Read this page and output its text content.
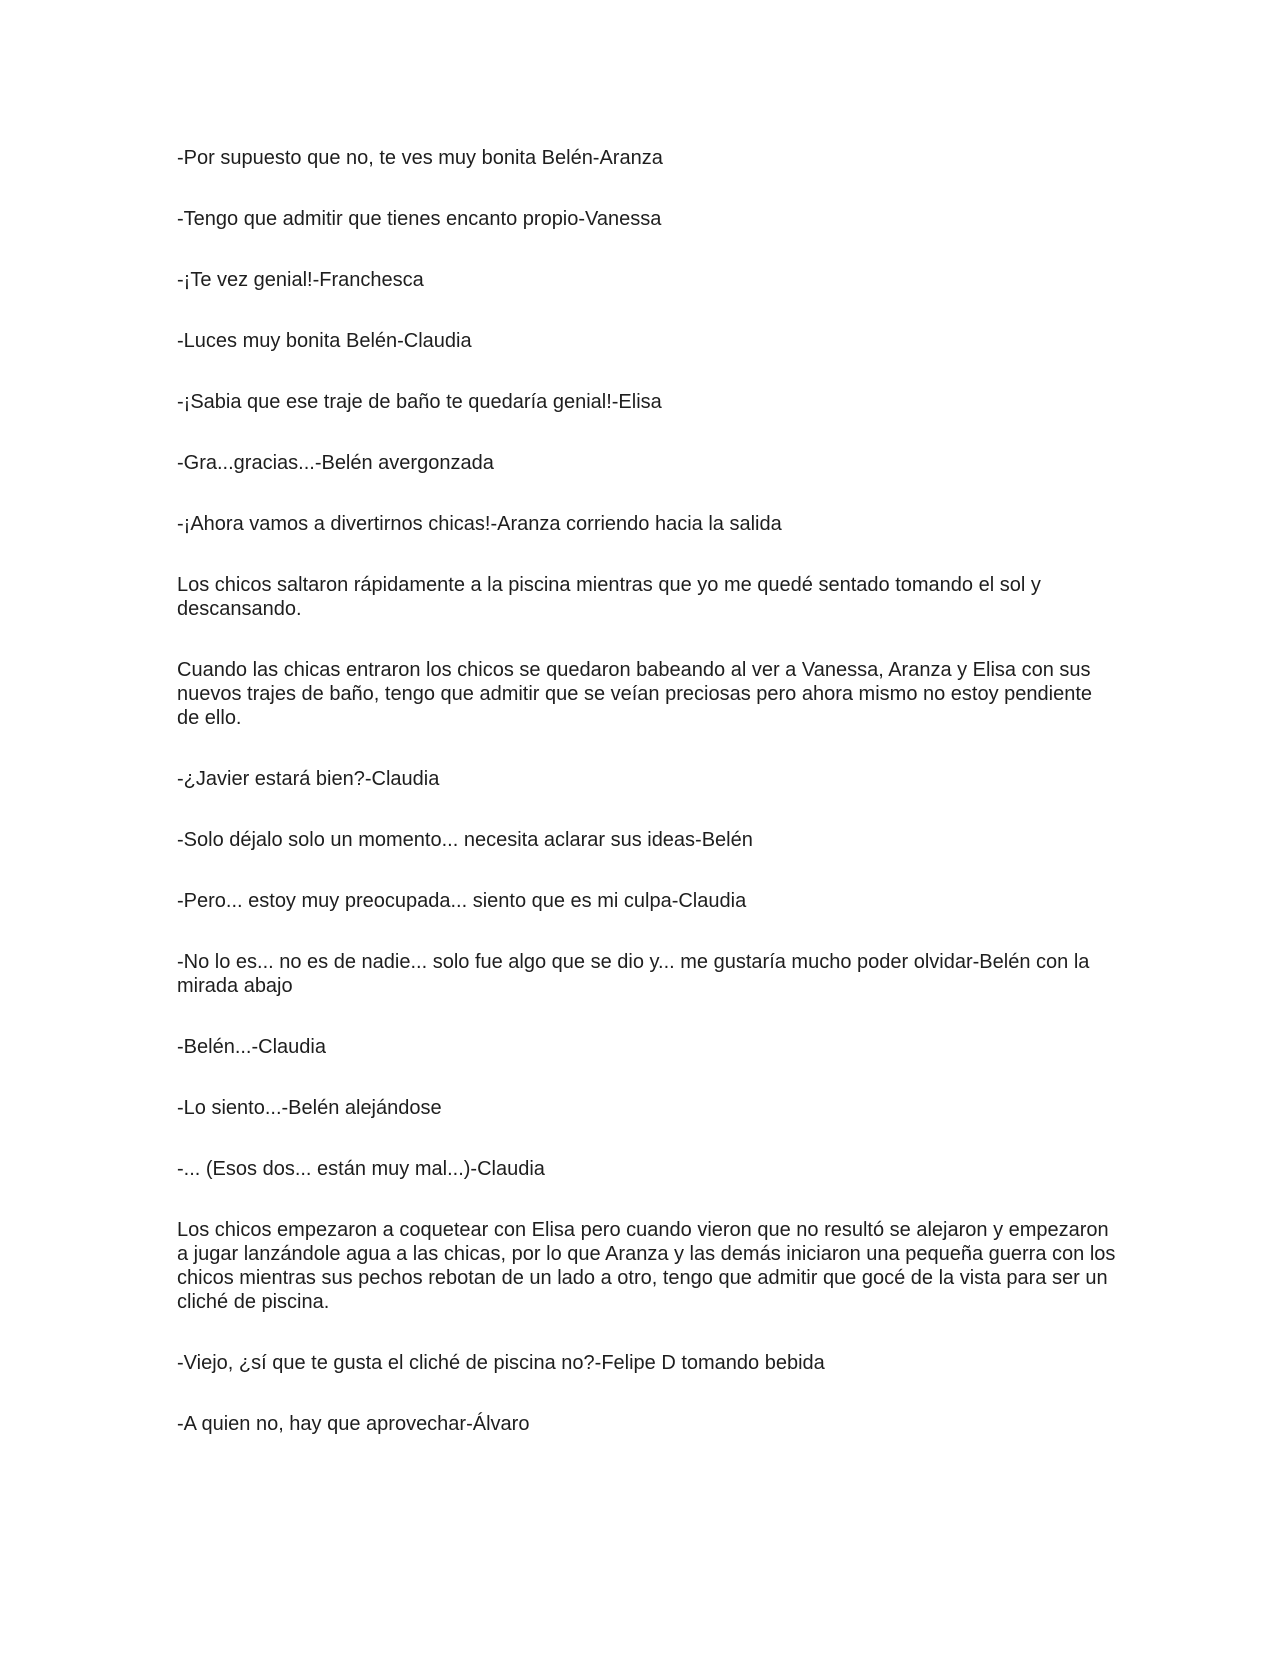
-Por supuesto que no, te ves muy bonita Belén-Aranza

-Tengo que admitir que tienes encanto propio-Vanessa

-¡Te vez genial!-Franchesca

-Luces muy bonita Belén-Claudia

-¡Sabia que ese traje de baño te quedaría genial!-Elisa

-Gra...gracias...-Belén avergonzada

-¡Ahora vamos a divertirnos chicas!-Aranza corriendo hacia la salida

Los chicos saltaron rápidamente a la piscina mientras que yo me quedé sentado tomando el sol y descansando.

Cuando las chicas entraron los chicos se quedaron babeando al ver a Vanessa, Aranza y Elisa con sus nuevos trajes de baño, tengo que admitir que se veían preciosas pero ahora mismo no estoy pendiente de ello.

-¿Javier estará bien?-Claudia

-Solo déjalo solo un momento... necesita aclarar sus ideas-Belén

-Pero... estoy muy preocupada... siento que es mi culpa-Claudia

-No lo es... no es de nadie... solo fue algo que se dio y... me gustaría mucho poder olvidar-Belén con la mirada abajo

-Belén...-Claudia

-Lo siento...-Belén alejándose

-... (Esos dos... están muy mal...)-Claudia

Los chicos empezaron a coquetear con Elisa pero cuando vieron que no resultó se alejaron y empezaron a jugar lanzándole agua a las chicas, por lo que Aranza y las demás iniciaron una pequeña guerra con los chicos mientras sus pechos rebotan de un lado a otro, tengo que admitir que gocé de la vista para ser un cliché de piscina.

-Viejo, ¿sí que te gusta el cliché de piscina no?-Felipe D tomando bebida

-A quien no, hay que aprovechar-Álvaro
